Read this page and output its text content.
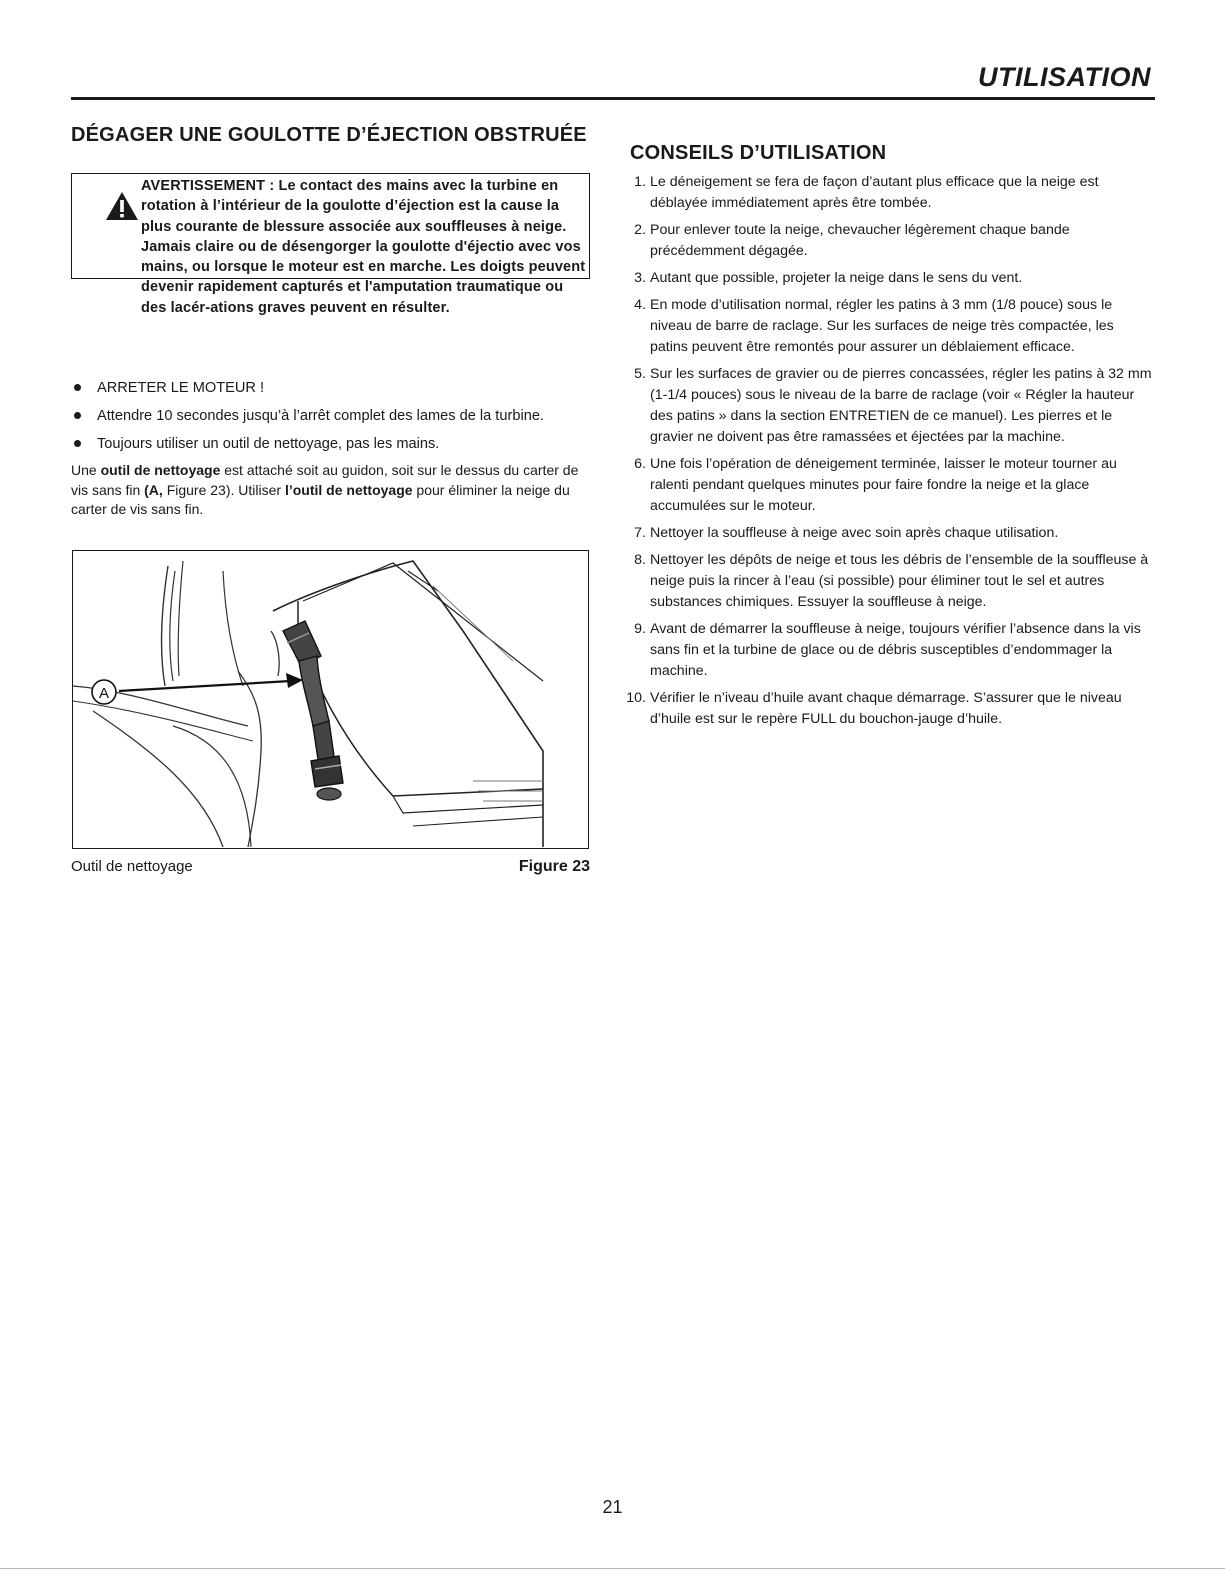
UTILISATION
DÉGAGER UNE GOULOTTE D’ÉJECTION OBSTRUÉE

AVERTISSEMENT : Le contact des mains avec la turbine en rotation à l’intérieur de la goulotte d’éjection est la cause la plus courante de blessure associée aux souffleuses à neige. Jamais claire ou de désengorger la goulotte d'éjectio avec vos mains, ou lorsque le moteur est en marche. Les doigts peuvent devenir rapidement capturés et l'amputation traumatique ou des lacér-ations graves peuvent en résulter.

ARRETER LE MOTEUR !
Attendre 10 secondes jusqu’à l’arrêt complet des lames de la turbine.
Toujours utiliser un outil de nettoyage, pas les mains.

Une outil de nettoyage est attaché soit au guidon, soit sur le dessus du carter de vis sans fin (A, Figure 23). Utiliser l’outil de nettoyage pour éliminer la neige du carter de vis sans fin.

A
Outil de nettoyage	Figure 23
CONSEILS D’UTILISATION
1. Le déneigement se fera de façon d’autant plus efficace que la neige est déblayée immédiatement après être tombée.
2. Pour enlever toute la neige, chevaucher légèrement chaque bande précédemment dégagée.
3. Autant que possible, projeter la neige dans le sens du vent.
4. En mode d’utilisation normal, régler les patins à 3 mm (1/8 pouce) sous le niveau de barre de raclage. Sur les surfaces de neige très compactée, les patins peuvent être remontés pour assurer un déblaiement efficace.
5. Sur les surfaces de gravier ou de pierres concassées, régler les patins à 32 mm (1-1/4 pouces) sous le niveau de la barre de raclage (voir « Régler la hauteur des patins » dans la section ENTRETIEN de ce manuel). Les pierres et le gravier ne doivent pas être ramassées et éjectées par la machine.
6. Une fois l’opération de déneigement terminée, laisser le moteur tourner au ralenti pendant quelques minutes pour faire fondre la neige et la glace accumulées sur le moteur.
7. Nettoyer la souffleuse à neige avec soin après chaque utilisation.
8. Nettoyer les dépôts de neige et tous les débris de l’ensemble de la souffleuse à neige puis la rincer à l’eau (si possible) pour éliminer tout le sel et autres substances chimiques. Essuyer la souffleuse à neige.
9. Avant de démarrer la souffleuse à neige, toujours vérifier l’absence dans la vis sans fin et la turbine de glace ou de débris susceptibles d’endommager la machine.
10. Vérifier le n’iveau d’huile avant chaque démarrage. S’assurer que le niveau d’huile est sur le repère FULL du bouchon-jauge d’huile.
21
